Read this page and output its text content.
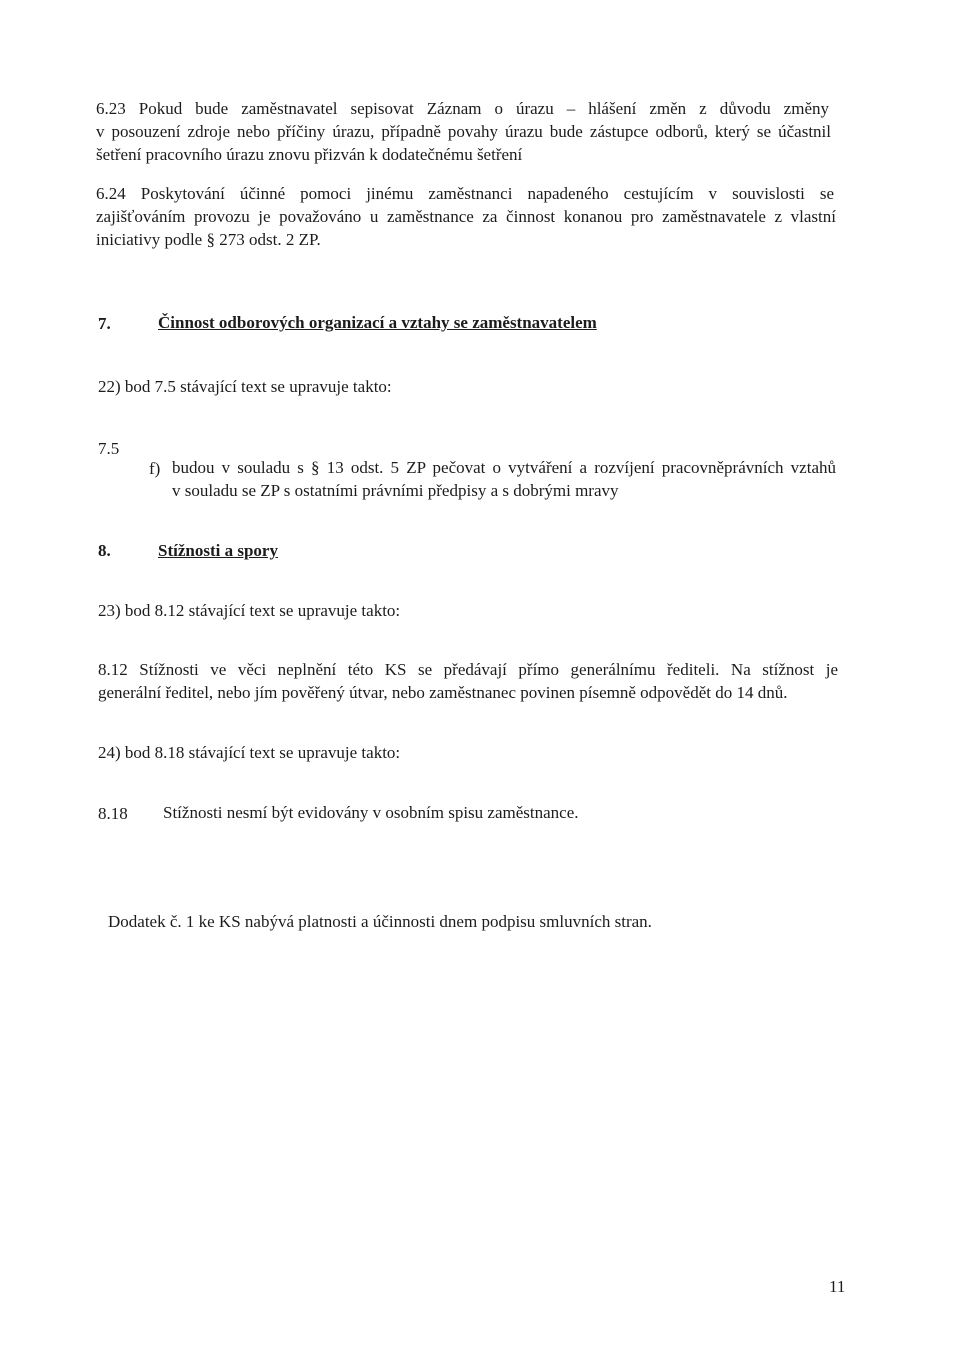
6.23 Pokud bude zaměstnavatel sepisovat Záznam o úrazu – hlášení změn z důvodu změny

v posouzení zdroje nebo příčiny úrazu, případně povahy úrazu bude zástupce odborů, který se účastnil

šetření pracovního úrazu znovu přizván k dodatečnému šetření

6.24 Poskytování účinné pomoci jinému zaměstnanci napadeného cestujícím v souvislosti se

zajišťováním provozu je považováno u zaměstnance za činnost konanou pro zaměstnavatele z vlastní

iniciativy podle § 273 odst. 2 ZP.

7.	Činnost odborových organizací a vztahy se zaměstnavatelem

22) bod 7.5 stávající text se upravuje takto:

7.5

f) budou v souladu s § 13 odst. 5 ZP pečovat o vytváření a rozvíjení pracovněprávních vztahů

v souladu se ZP s ostatními právními předpisy a s dobrými mravy

8.	Stížnosti a spory

23) bod 8.12 stávající text se upravuje takto:

8.12 Stížnosti ve věci neplnění této KS se předávají přímo generálnímu řediteli. Na stížnost je

generální ředitel, nebo jím pověřený útvar, nebo zaměstnanec povinen písemně odpovědět do 14 dnů.

24) bod 8.18 stávající text se upravuje takto:

8.18 Stížnosti nesmí být evidovány v osobním spisu zaměstnance.

Dodatek č. 1 ke KS nabývá platnosti a účinnosti dnem podpisu smluvních stran.

11
